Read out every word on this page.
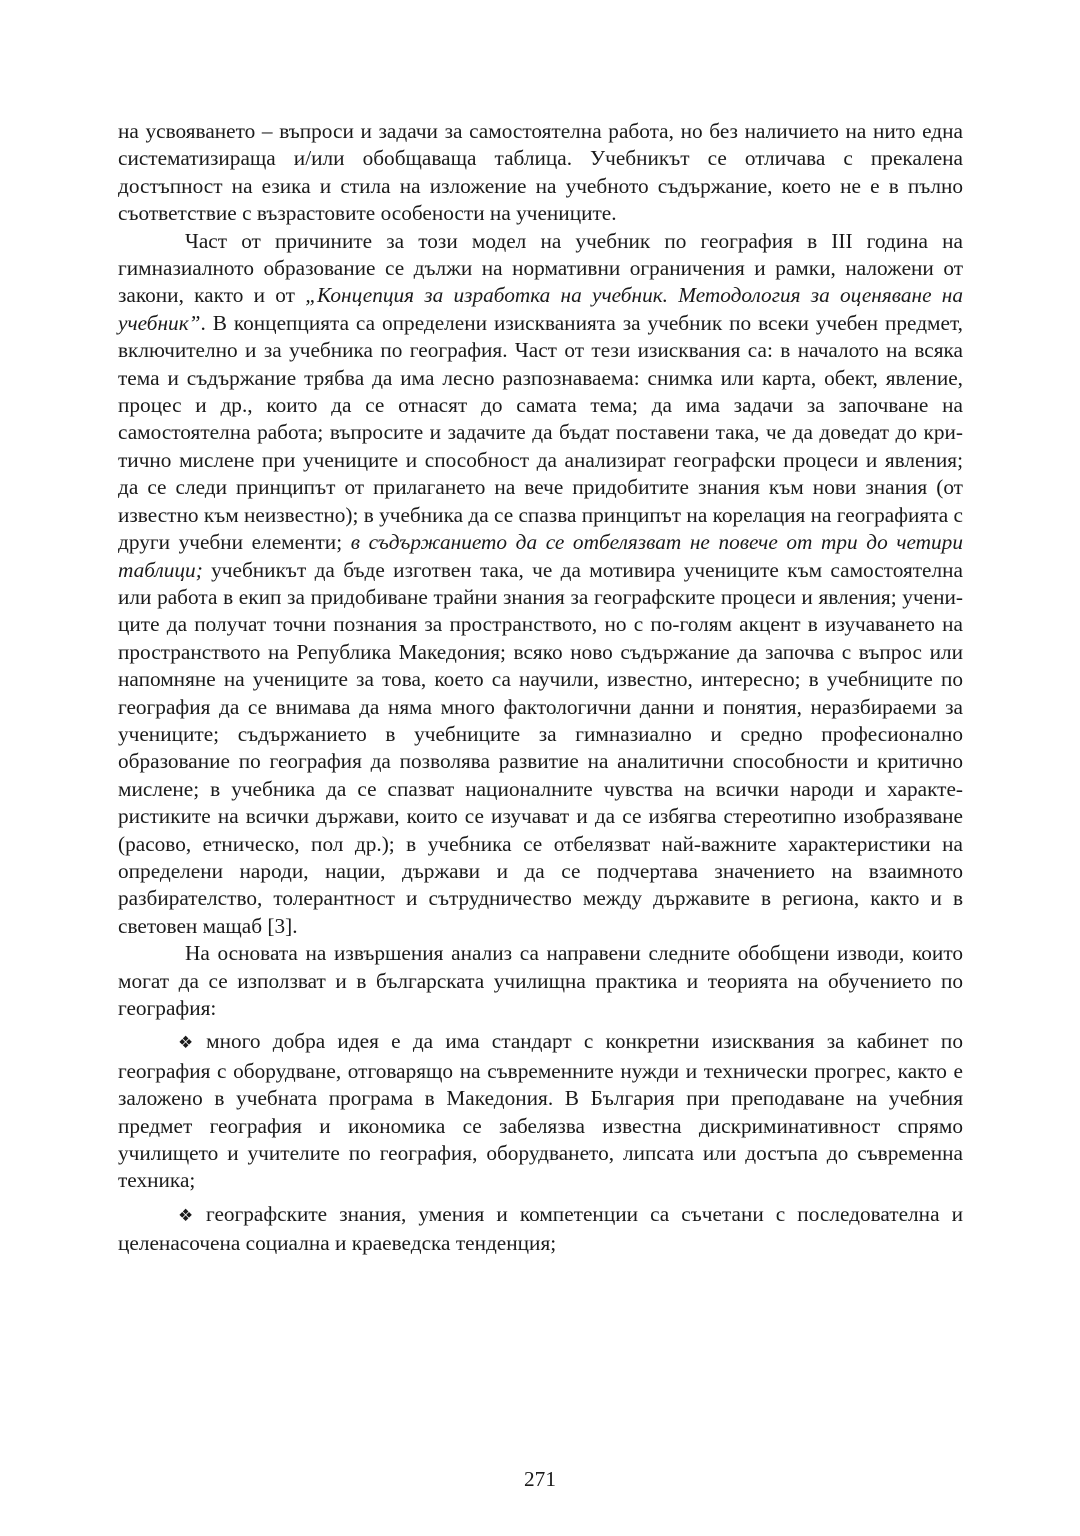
на усвояването – въпроси и задачи за самостоятелна работа, но без наличието на нито една систематизираща и/или обобщаваща таблица. Учебникът се отличава с прекалена достъпност на езика и стила на изложение на учебното съдържание, което не е в пълно съответствие с възрастовите особености на учениците.

Част от причините за този модел на учебник по география в III година на гимназиалното образование се дължи на нормативни ограничения и рамки, наложени от закони, както и от „Концепция за изработка на учебник. Методология за оценяване на учебник”. В концепцията са определени изискванията за учебник по всеки учебен предмет, включително и за учебника по география. Част от тези изисквания са: в началото на всяка тема и съдържание трябва да има лесно разпознаваема: снимка или карта, обект, явление, процес и др., които да се отнасят до самата тема; да има задачи за започване на самостоятелна работа; въпросите и задачите да бъдат поставени така, че да доведат до критично мислене при учениците и способност да анализират географски процеси и явления; да се следи принципът от прилагането на вече придобитите знания към нови знания (от известно към неизвестно); в учебника да се спазва принципът на корелация на географията с други учебни елементи; в съдържанието да се отбелязват не повече от три до четири таблици; учебникът да бъде изготвен така, че да мотивира учениците към самостоятелна или работа в екип за придобиване трайни знания за географските процеси и явления; учениците да получат точни познания за пространството, но с по-голям акцент в изучаването на пространството на Република Македония; всяко ново съдържание да започва с въпрос или напомняне на учениците за това, което са научили, известно, интересно; в учебниците по география да се внимава да няма много фактологични данни и понятия, неразбираеми за учениците; съдържанието в учебниците за гимназиално и средно професионално образование по география да позволява развитие на аналитични способности и критично мислене; в учебника да се спазват националните чувства на всички народи и характеристиките на всички държави, които се изучават и да се избягва стереотипно изобразяване (расово, етническо, пол др.); в учебника се отбелязват най-важните характеристики на определени народи, нации, държави и да се подчертава значението на взаимното разбирателство, толерантност и сътрудничество между държавите в региона, както и в световен мащаб [3].

На основата на извършения анализ са направени следните обобщени изводи, които могат да се използват и в българската училищна практика и теорията на обучението по география:

❖ много добра идея е да има стандарт с конкретни изисквания за кабинет по география с оборудване, отговарящо на съвременните нужди и технически прогрес, както е заложено в учебната програма в Македония. В България при преподаване на учебния предмет география и икономика се забелязва известна дискриминативност спрямо училището и учителите по география, оборудването, липсата или достъпа до съвременна техника;

❖ географските знания, умения и компетенции са съчетани с последователна и целенасочена социална и краеведска тенденция;

271
